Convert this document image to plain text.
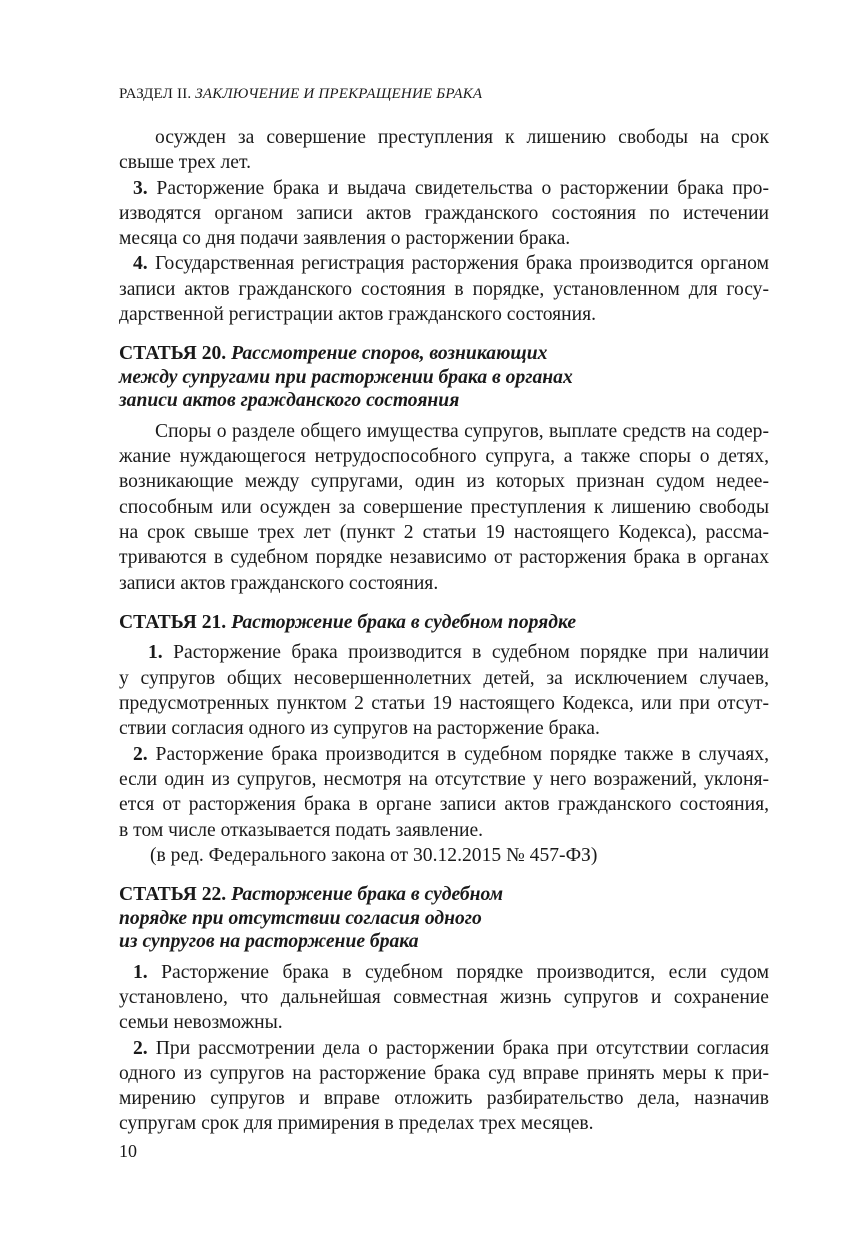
РАЗДЕЛ II. ЗАКЛЮЧЕНИЕ И ПРЕКРАЩЕНИЕ БРАКА
осужден за совершение преступления к лишению свободы на срок
свыше трех лет.
3. Расторжение брака и выдача свидетельства о расторжении брака про-
изводятся органом записи актов гражданского состояния по истечении
месяца со дня подачи заявления о расторжении брака.
4. Государственная регистрация расторжения брака производится органом
записи актов гражданского состояния в порядке, установленном для госу-
дарственной регистрации актов гражданского состояния.
СТАТЬЯ 20. Рассмотрение споров, возникающих
между супругами при расторжении брака в органах
записи актов гражданского состояния
Споры о разделе общего имущества супругов, выплате средств на содер-
жание нуждающегося нетрудоспособного супруга, а также споры о детях,
возникающие между супругами, один из которых признан судом недее-
способным или осужден за совершение преступления к лишению свободы
на срок свыше трех лет (пункт 2 статьи 19 настоящего Кодекса), рассма-
триваются в судебном порядке независимо от расторжения брака в органах
записи актов гражданского состояния.
СТАТЬЯ 21. Расторжение брака в судебном порядке
1. Расторжение брака производится в судебном порядке при наличии
у супругов общих несовершеннолетних детей, за исключением случаев,
предусмотренных пунктом 2 статьи 19 настоящего Кодекса, или при отсут-
ствии согласия одного из супругов на расторжение брака.
2. Расторжение брака производится в судебном порядке также в случаях,
если один из супругов, несмотря на отсутствие у него возражений, уклоня-
ется от расторжения брака в органе записи актов гражданского состояния,
в том числе отказывается подать заявление.
(в ред. Федерального закона от 30.12.2015 № 457-ФЗ)
СТАТЬЯ 22. Расторжение брака в судебном
порядке при отсутствии согласия одного
из супругов на расторжение брака
1. Расторжение брака в судебном порядке производится, если судом
установлено, что дальнейшая совместная жизнь супругов и сохранение
семьи невозможны.
2. При рассмотрении дела о расторжении брака при отсутствии согласия
одного из супругов на расторжение брака суд вправе принять меры к при-
мирению супругов и вправе отложить разбирательство дела, назначив
супругам срок для примирения в пределах трех месяцев.
10
